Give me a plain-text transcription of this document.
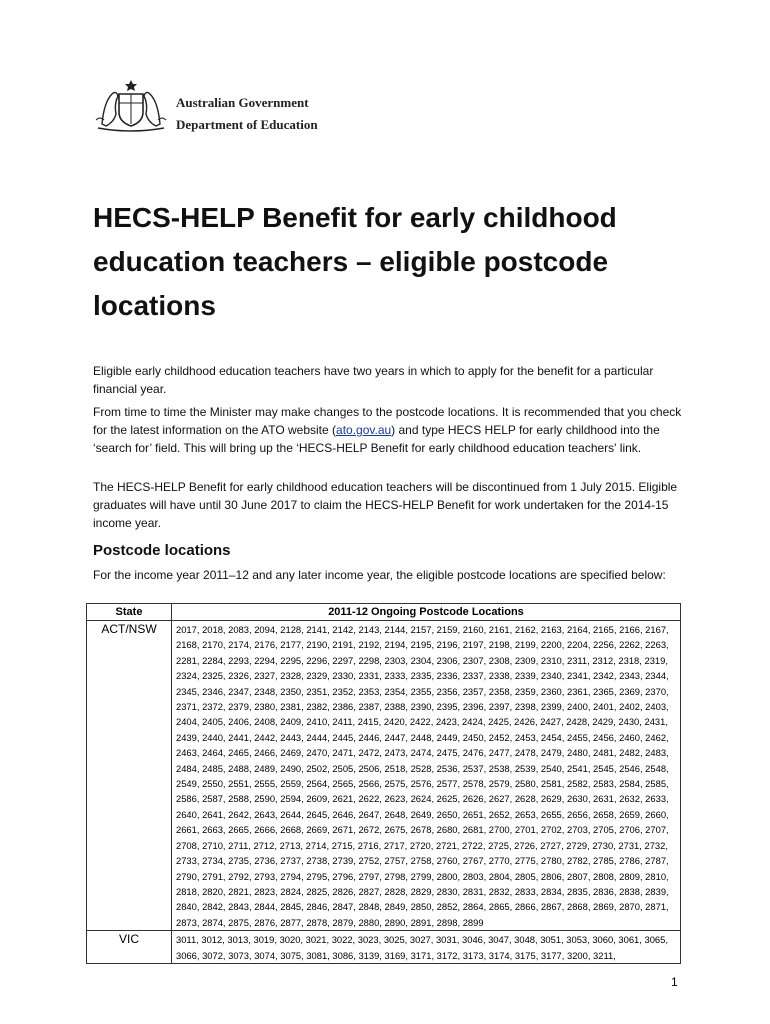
Australian Government
Department of Education
HECS-HELP Benefit for early childhood education teachers – eligible postcode locations

Eligible early childhood education teachers have two years in which to apply for the benefit for a particular financial year.

From time to time the Minister may make changes to the postcode locations. It is recommended that you check for the latest information on the ATO website (ato.gov.au) and type HECS HELP for early childhood into the ‘search for’ field. This will bring up the ‘HECS-HELP Benefit for early childhood education teachers' link.

The HECS-HELP Benefit for early childhood education teachers will be discontinued from 1 July 2015. Eligible graduates will have until 30 June 2017 to claim the HECS-HELP Benefit for work undertaken for the 2014-15 income year.

Postcode locations

For the income year 2011–12 and any later income year, the eligible postcode locations are specified below:

State	2011-12 Ongoing Postcode Locations
ACT/NSW	2017, 2018, 2083, 2094, 2128, 2141, 2142, 2143, 2144, 2157, 2159, 2160, 2161, 2162, 2163, 2164, 2165, 2166, 2167, 2168, 2170, 2174, 2176, 2177, 2190, 2191, 2192, 2194, 2195, 2196, 2197, 2198, 2199, 2200, 2204, 2256, 2262, 2263, 2281, 2284, 2293, 2294, 2295, 2296, 2297, 2298, 2303, 2304, 2306, 2307, 2308, 2309, 2310, 2311, 2312, 2318, 2319, 2324, 2325, 2326, 2327, 2328, 2329, 2330, 2331, 2333, 2335, 2336, 2337, 2338, 2339, 2340, 2341, 2342, 2343, 2344, 2345, 2346, 2347, 2348, 2350, 2351, 2352, 2353, 2354, 2355, 2356, 2357, 2358, 2359, 2360, 2361, 2365, 2369, 2370, 2371, 2372, 2379, 2380, 2381, 2382, 2386, 2387, 2388, 2390, 2395, 2396, 2397, 2398, 2399, 2400, 2401, 2402, 2403, 2404, 2405, 2406, 2408, 2409, 2410, 2411, 2415, 2420, 2422, 2423, 2424, 2425, 2426, 2427, 2428, 2429, 2430, 2431, 2439, 2440, 2441, 2442, 2443, 2444, 2445, 2446, 2447, 2448, 2449, 2450, 2452, 2453, 2454, 2455, 2456, 2460, 2462, 2463, 2464, 2465, 2466, 2469, 2470, 2471, 2472, 2473, 2474, 2475, 2476, 2477, 2478, 2479, 2480, 2481, 2482, 2483, 2484, 2485, 2488, 2489, 2490, 2502, 2505, 2506, 2518, 2528, 2536, 2537, 2538, 2539, 2540, 2541, 2545, 2546, 2548, 2549, 2550, 2551, 2555, 2559, 2564, 2565, 2566, 2575, 2576, 2577, 2578, 2579, 2580, 2581, 2582, 2583, 2584, 2585, 2586, 2587, 2588, 2590, 2594, 2609, 2621, 2622, 2623, 2624, 2625, 2626, 2627, 2628, 2629, 2630, 2631, 2632, 2633, 2640, 2641, 2642, 2643, 2644, 2645, 2646, 2647, 2648, 2649, 2650, 2651, 2652, 2653, 2655, 2656, 2658, 2659, 2660, 2661, 2663, 2665, 2666, 2668, 2669, 2671, 2672, 2675, 2678, 2680, 2681, 2700, 2701, 2702, 2703, 2705, 2706, 2707, 2708, 2710, 2711, 2712, 2713, 2714, 2715, 2716, 2717, 2720, 2721, 2722, 2725, 2726, 2727, 2729, 2730, 2731, 2732, 2733, 2734, 2735, 2736, 2737, 2738, 2739, 2752, 2757, 2758, 2760, 2767, 2770, 2775, 2780, 2782, 2785, 2786, 2787, 2790, 2791, 2792, 2793, 2794, 2795, 2796, 2797, 2798, 2799, 2800, 2803, 2804, 2805, 2806, 2807, 2808, 2809, 2810, 2818, 2820, 2821, 2823, 2824, 2825, 2826, 2827, 2828, 2829, 2830, 2831, 2832, 2833, 2834, 2835, 2836, 2838, 2839, 2840, 2842, 2843, 2844, 2845, 2846, 2847, 2848, 2849, 2850, 2852, 2864, 2865, 2866, 2867, 2868, 2869, 2870, 2871, 2873, 2874, 2875, 2876, 2877, 2878, 2879, 2880, 2890, 2891, 2898, 2899
VIC	3011, 3012, 3013, 3019, 3020, 3021, 3022, 3023, 3025, 3027, 3031, 3046, 3047, 3048, 3051, 3053, 3060, 3061, 3065, 3066, 3072, 3073, 3074, 3075, 3081, 3086, 3139, 3169, 3171, 3172, 3173, 3174, 3175, 3177, 3200, 3211,
1
